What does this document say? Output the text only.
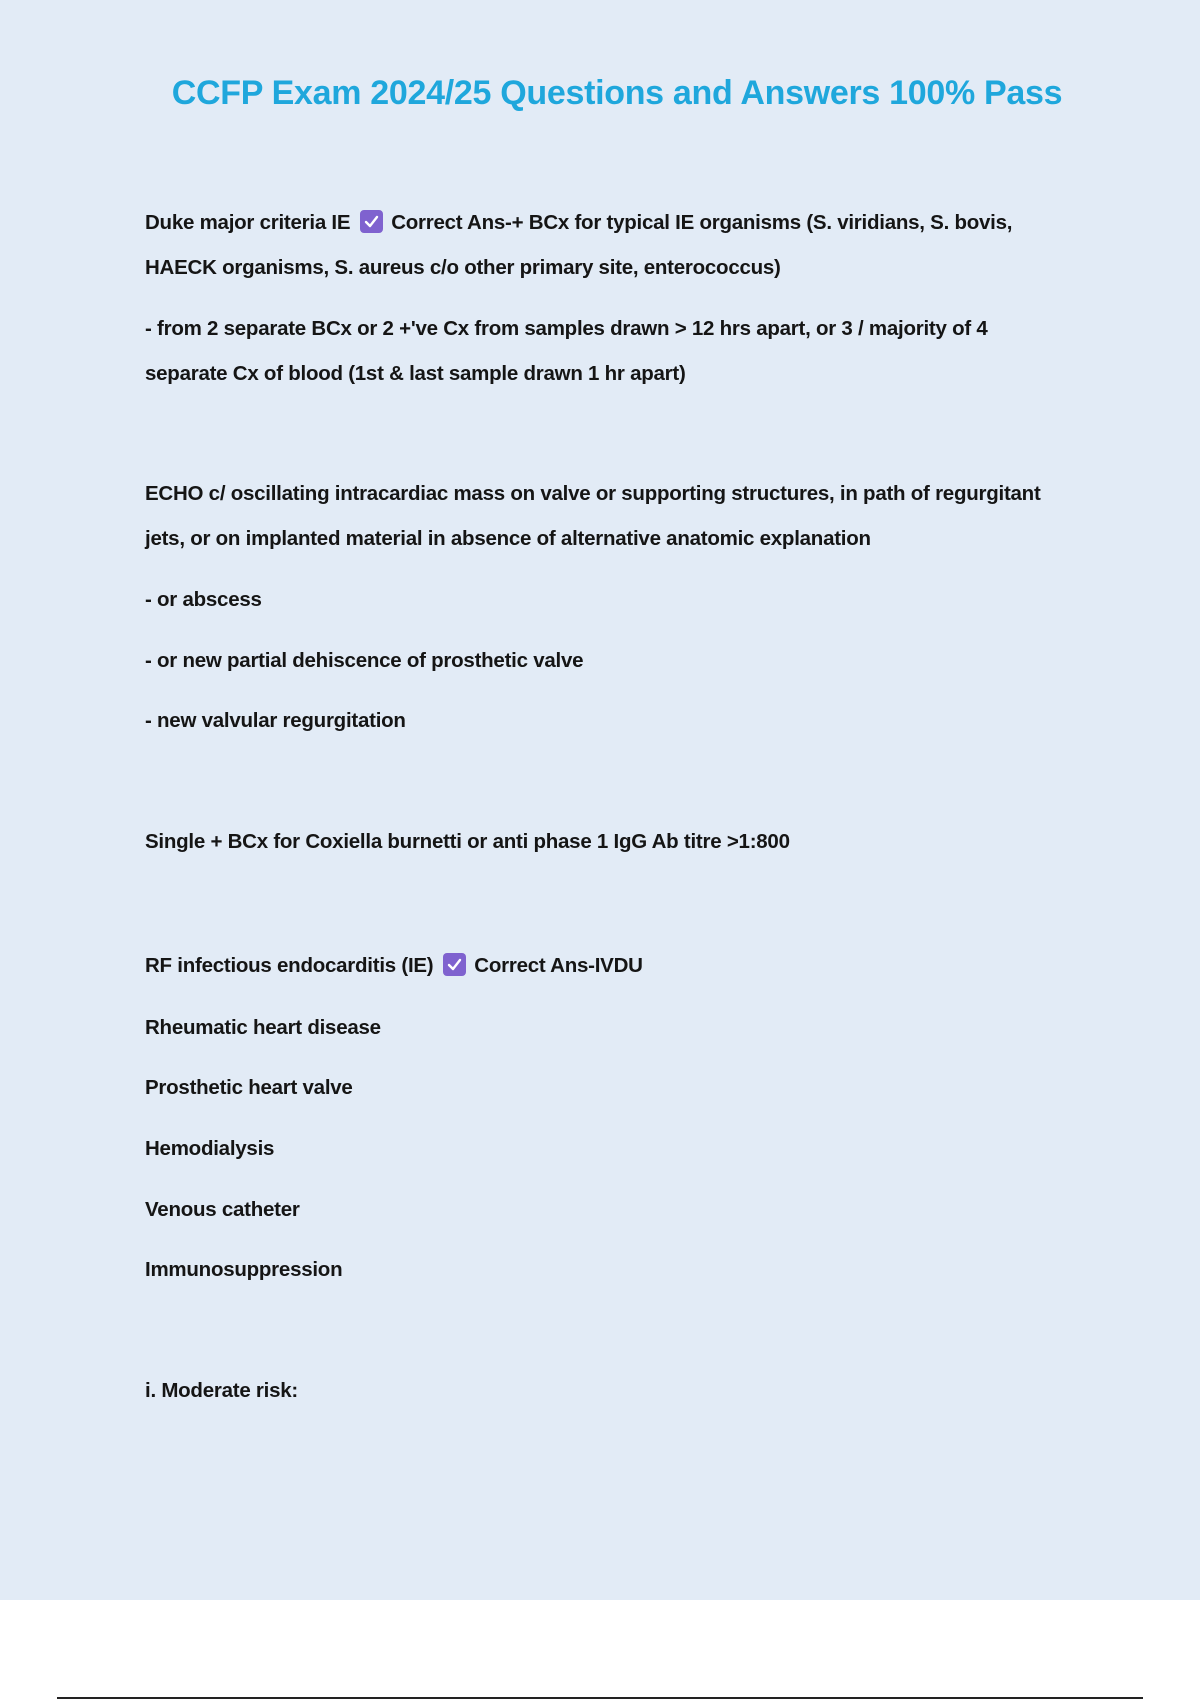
CCFP Exam 2024/25 Questions and Answers 100% Pass
Duke major criteria IE Correct Ans-+ BCx for typical IE organisms (S. viridians, S. bovis,
HAECK organisms, S. aureus c/o other primary site, enterococcus)
- from 2 separate BCx or 2 +'ve Cx from samples drawn > 12 hrs apart, or 3 / majority of 4
separate Cx of blood (1st & last sample drawn 1 hr apart)
ECHO c/ oscillating intracardiac mass on valve or supporting structures, in path of regurgitant
jets, or on implanted material in absence of alternative anatomic explanation
- or abscess
- or new partial dehiscence of prosthetic valve
- new valvular regurgitation
Single + BCx for Coxiella burnetti or anti phase 1 IgG Ab titre >1:800
RF infectious endocarditis (IE) Correct Ans-IVDU
Rheumatic heart disease
Prosthetic heart valve
Hemodialysis
Venous catheter
Immunosuppression
i. Moderate risk:
